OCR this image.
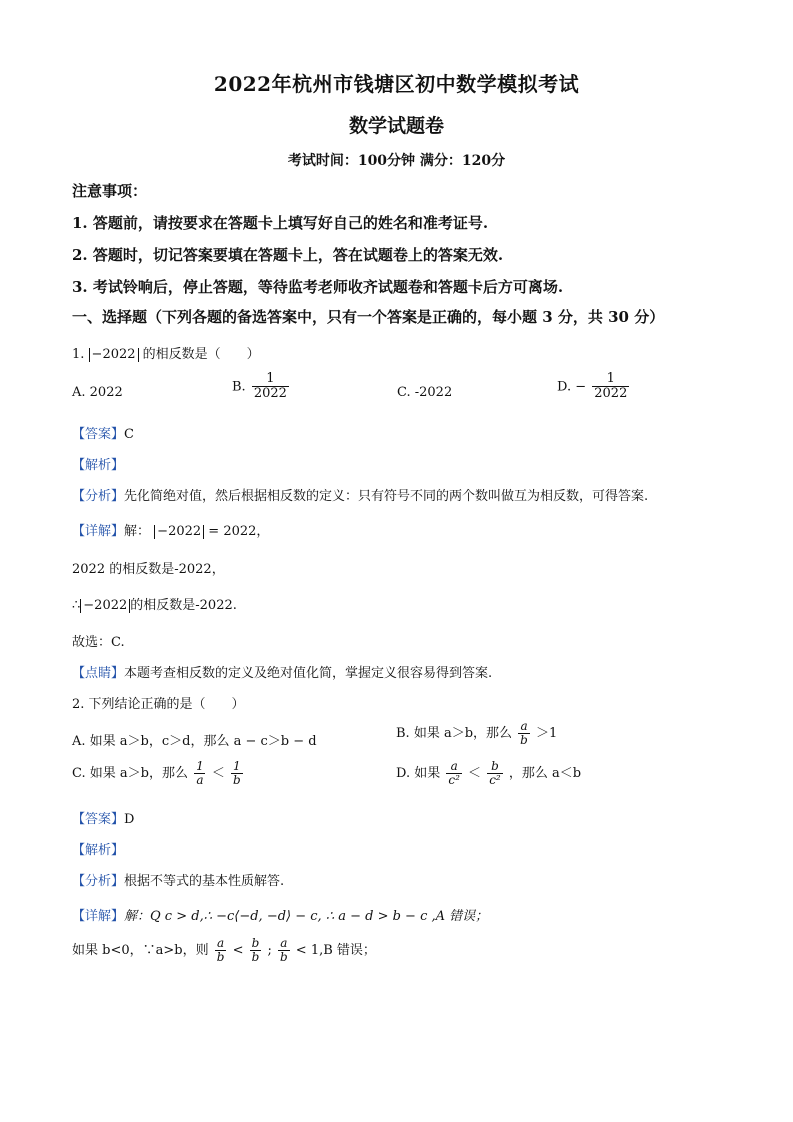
2022年杭州市钱塘区初中数学模拟考试
数学试题卷
考试时间：100分钟 满分：120分
注意事项：
1. 答题前，请按要求在答题卡上填写好自己的姓名和准考证号.
2. 答题时，切记答案要填在答题卡上，答在试题卷上的答案无效.
3. 考试铃响后，停止答题，等待监考老师收齐试题卷和答题卡后方可离场.
一、选择题（下列各题的备选答案中，只有一个答案是正确的，每小题 3 分，共 30 分）
1. −2022 的相反数是（　　）
A. 2022	B. $\frac{1}{2022}$	C. -2022	D. − $\frac{1}{2022}$
【答案】C
【解析】
【分析】先化简绝对值，然后根据相反数的定义：只有符号不同的两个数叫做互为相反数，可得答案.
【详解】解： −2022 = 2022，
2022 的相反数是-2022，
∴ −2022 的相反数是-2022.
故选：C.
【点睛】本题考查相反数的定义及绝对值化简，掌握定义很容易得到答案.
2. 下列结论正确的是（　　）
A. 如果 a＞b，c＞d，那么 a − c＞b − d
B. 如果 a＞b，那么 $\frac{a}{b} >1$
C. 如果 a＞b，那么 $\frac{1}{a} < \frac{1}{b}$	D. 如果 $\frac{a}{\text{c²}} < \frac{b}{\text{c²}}$ ，那么 a＜b
【答案】D
【解析】
【分析】根据不等式的基本性质解答.
【详解】解：Q c > d,∴ −c⟨−d, −d⟩ − c, ∴ a − d > b − c ,A 错误；
如果 b<0，∵a>b，则 $\frac{a}{b} < \frac{b}{b}$ ; $\frac{a}{b} < 1,B$ 错误；
